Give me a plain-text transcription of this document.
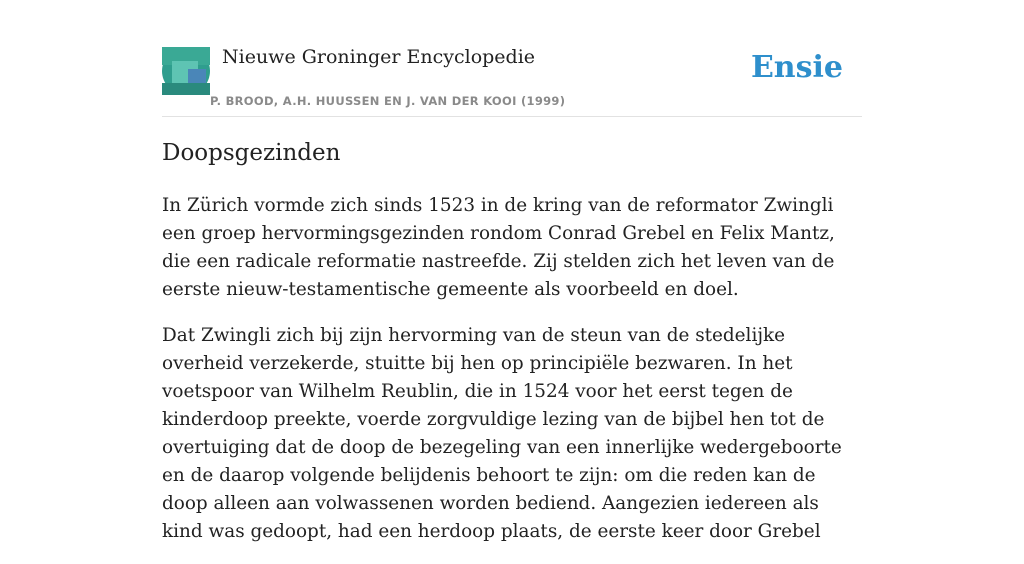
Nieuwe Groninger Encyclopedie
P. BROOD, A.H. HUUSSEN EN J. VAN DER KOOI (1999)
Ensie
Doopsgezinden

In Zürich vormde zich sinds 1523 in de kring van de reformator Zwingli een groep hervormingsgezinden rondom Conrad Grebel en Felix Mantz, die een radicale reformatie nastreefde. Zij stelden zich het leven van de eerste nieuw-testamentische gemeente als voorbeeld en doel.

Dat Zwingli zich bij zijn hervorming van de steun van de stedelijke overheid verzekerde, stuitte bij hen op principiële bezwaren. In het voetspoor van Wilhelm Reublin, die in 1524 voor het eerst tegen de kinderdoop preekte, voerde zorgvuldige lezing van de bijbel hen tot de overtuiging dat de doop de bezegeling van een innerlijke wedergeboorte en de daarop volgende belijdenis behoort te zijn: om die reden kan de doop alleen aan volwassenen worden bediend. Aangezien iedereen als kind was gedoopt, had een herdoop plaats, de eerste keer door Grebel
